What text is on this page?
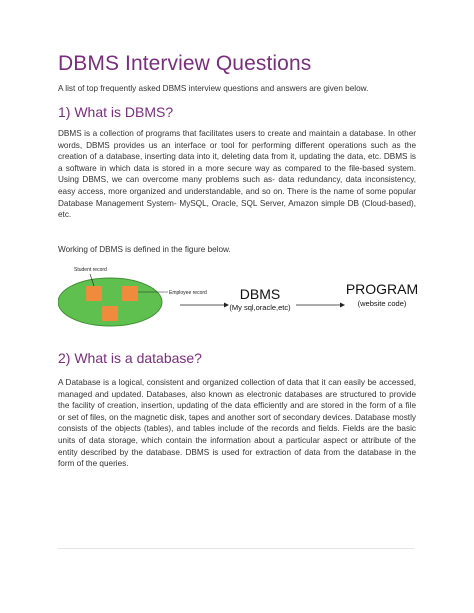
DBMS Interview Questions

A list of top frequently asked DBMS interview questions and answers are given below.

1) What is DBMS?

DBMS is a collection of programs that facilitates users to create and maintain a database. In other words, DBMS provides us an interface or tool for performing different operations such as the creation of a database, inserting data into it, deleting data from it, updating the data, etc. DBMS is a software in which data is stored in a more secure way as compared to the file-based system. Using DBMS, we can overcome many problems such as- data redundancy, data inconsistency, easy access, more organized and understandable, and so on. There is the name of some popular Database Management System- MySQL, Oracle, SQL Server, Amazon simple DB (Cloud-based), etc.

Working of DBMS is defined in the figure below.

Student record
Employee record DBMS
(My sql,oracle,etc)
PROGRAM
(website code)
2) What is a database?

A Database is a logical, consistent and organized collection of data that it can easily be accessed, managed and updated. Databases, also known as electronic databases are structured to provide the facility of creation, insertion, updating of the data efficiently and are stored in the form of a file or set of files, on the magnetic disk, tapes and another sort of secondary devices. Database mostly consists of the objects (tables), and tables include of the records and fields. Fields are the basic units of data storage, which contain the information about a particular aspect or attribute of the entity described by the database. DBMS is used for extraction of data from the database in the form of the queries.
